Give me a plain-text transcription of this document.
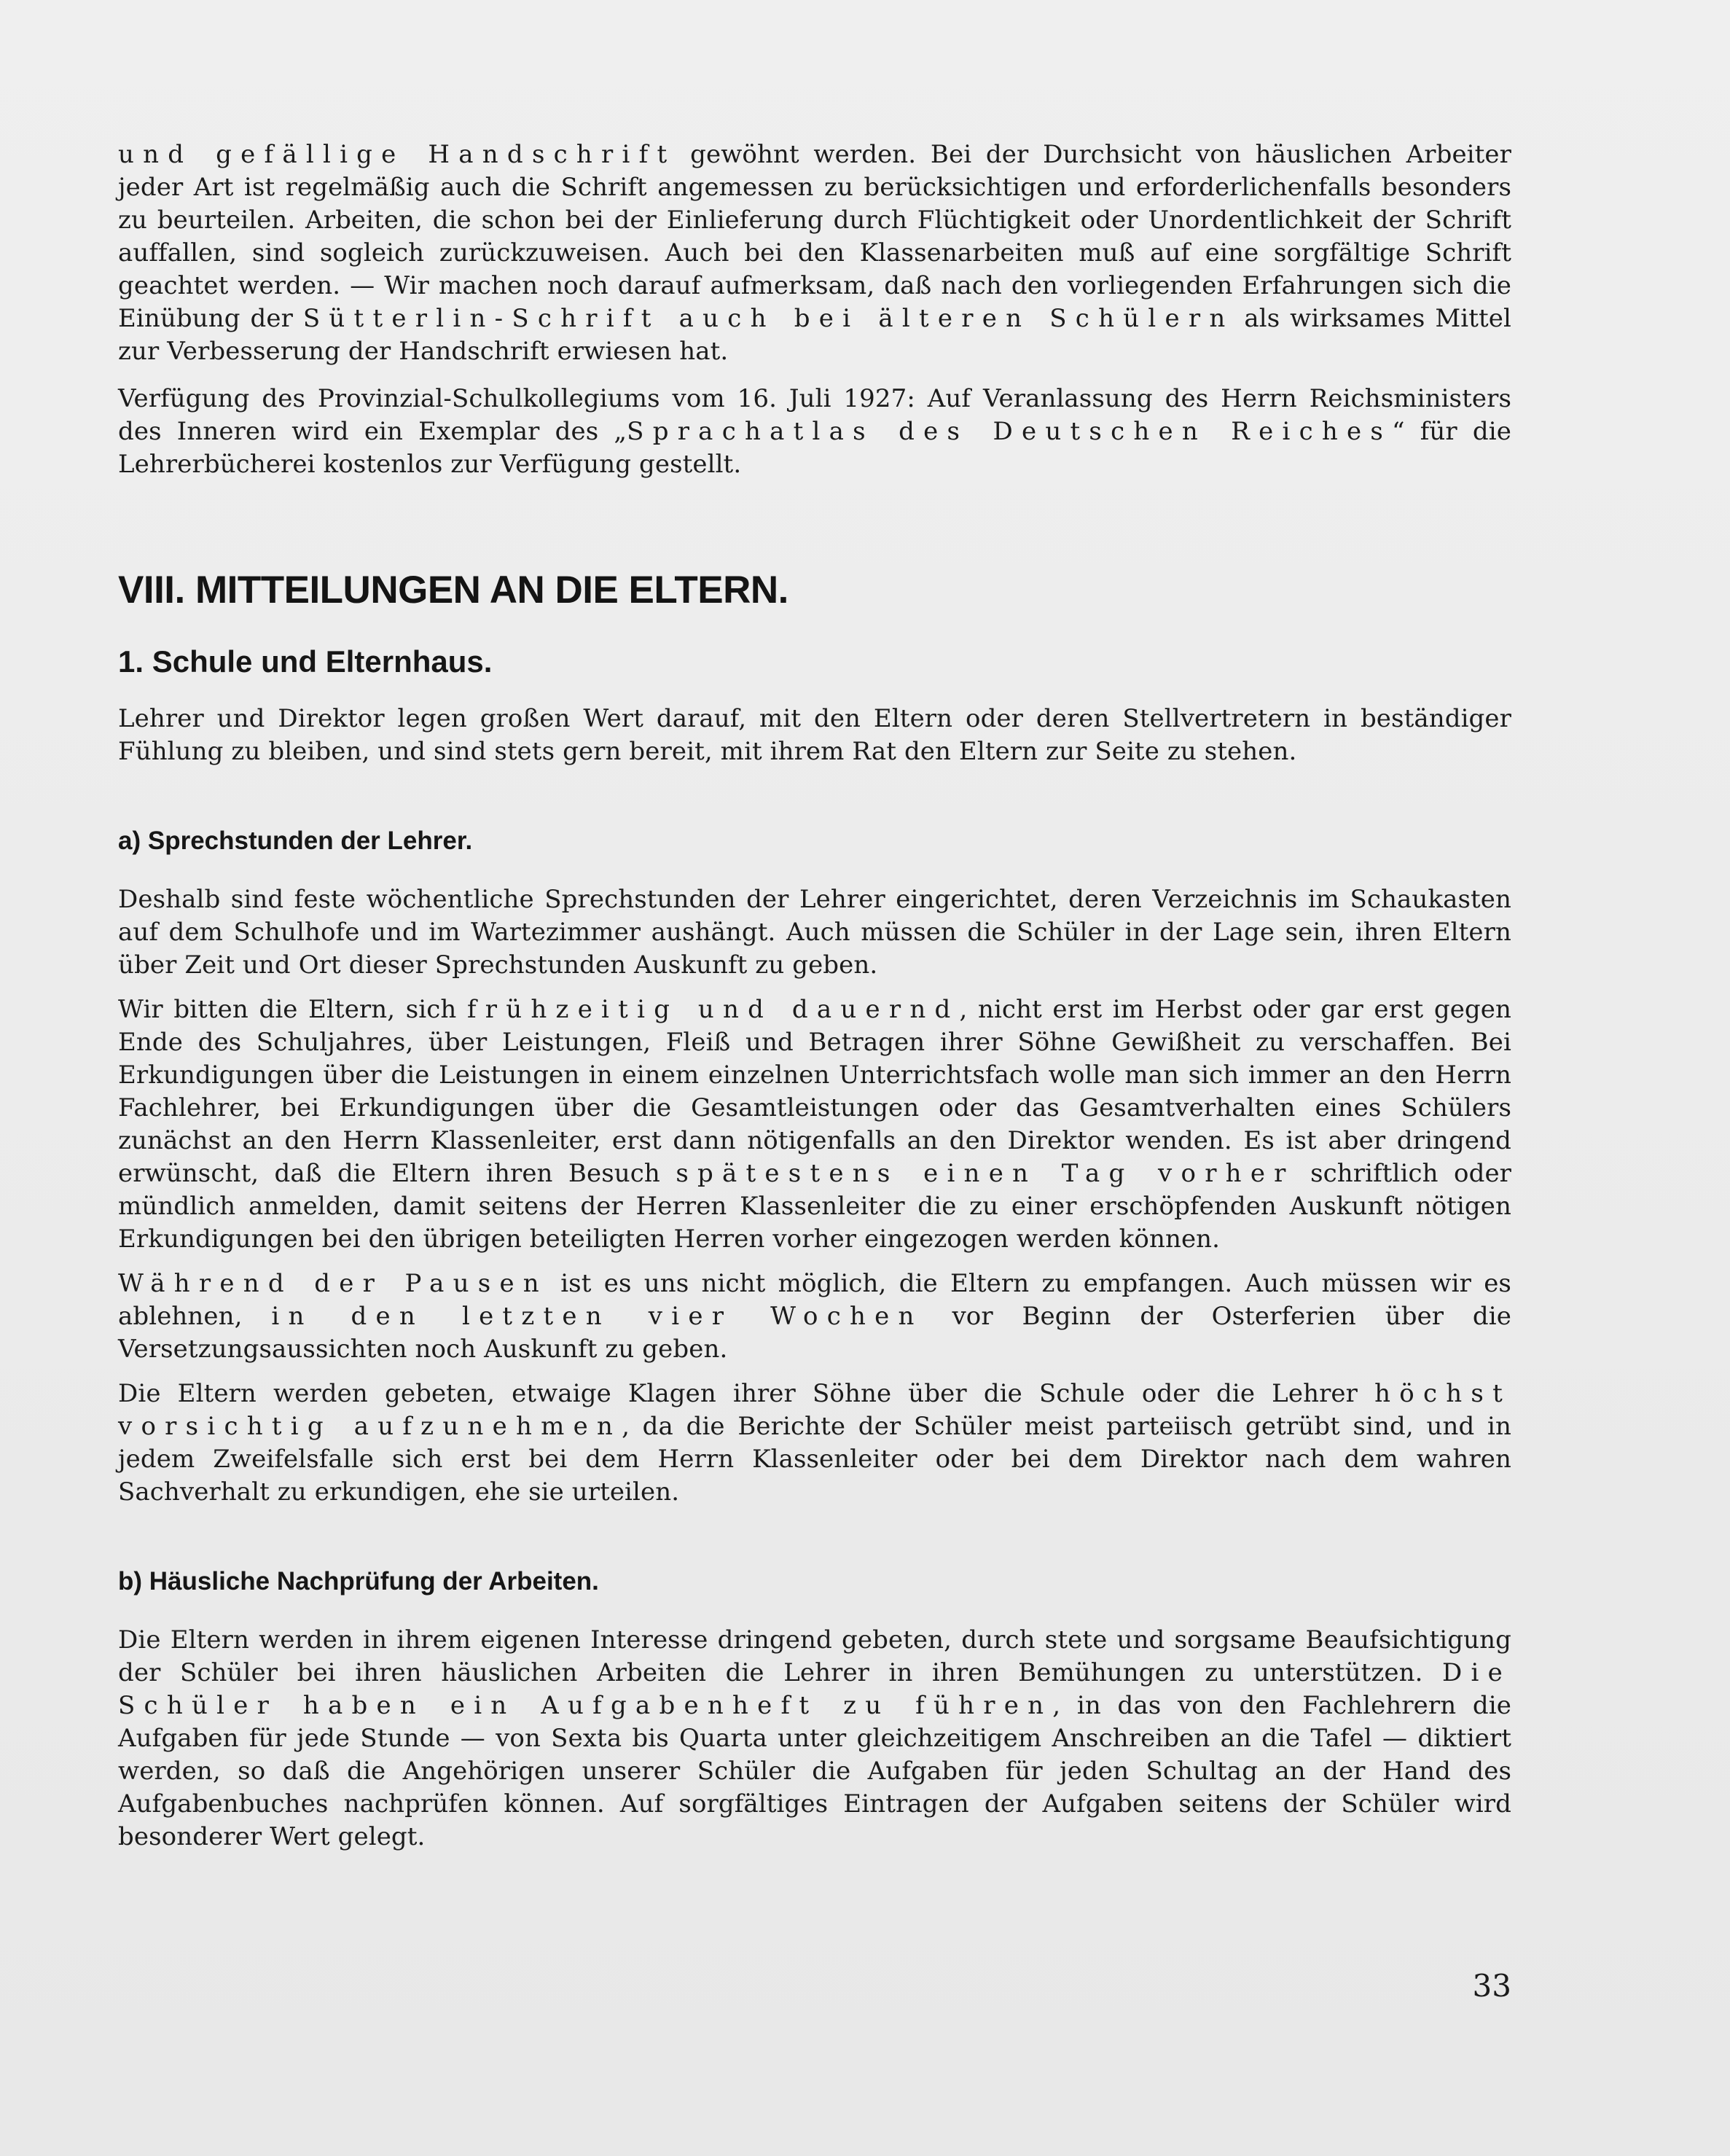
und gefällige Handschrift gewöhnt werden. Bei der Durchsicht von häuslichen Arbeiter jeder Art ist regelmäßig auch die Schrift angemessen zu berücksichtigen und erforderlichenfalls besonders zu beurteilen. Arbeiten, die schon bei der Einlieferung durch Flüchtigkeit oder Unordentlichkeit der Schrift auffallen, sind sogleich zurückzuweisen. Auch bei den Klassenarbeiten muß auf eine sorgfältige Schrift geachtet werden. — Wir machen noch darauf aufmerksam, daß nach den vorliegenden Erfahrungen sich die Einübung der Sütterlin-Schrift auch bei älteren Schülern als wirksames Mittel zur Verbesserung der Handschrift erwiesen hat.

Verfügung des Provinzial-Schulkollegiums vom 16. Juli 1927: Auf Veranlassung des Herrn Reichsministers des Inneren wird ein Exemplar des „Sprachatlas des Deutschen Reiches“ für die Lehrerbücherei kostenlos zur Verfügung gestellt.

VIII. MITTEILUNGEN AN DIE ELTERN.
1. Schule und Elternhaus.

Lehrer und Direktor legen großen Wert darauf, mit den Eltern oder deren Stellvertretern in beständiger Fühlung zu bleiben, und sind stets gern bereit, mit ihrem Rat den Eltern zur Seite zu stehen.

a) Sprechstunden der Lehrer.

Deshalb sind feste wöchentliche Sprechstunden der Lehrer eingerichtet, deren Verzeichnis im Schaukasten auf dem Schulhofe und im Wartezimmer aushängt. Auch müssen die Schüler in der Lage sein, ihren Eltern über Zeit und Ort dieser Sprechstunden Auskunft zu geben.

Wir bitten die Eltern, sich frühzeitig und dauernd, nicht erst im Herbst oder gar erst gegen Ende des Schuljahres, über Leistungen, Fleiß und Betragen ihrer Söhne Gewißheit zu verschaffen. Bei Erkundigungen über die Leistungen in einem einzelnen Unterrichtsfach wolle man sich immer an den Herrn Fachlehrer, bei Erkundigungen über die Gesamtleistungen oder das Gesamtverhalten eines Schülers zunächst an den Herrn Klassenleiter, erst dann nötigenfalls an den Direktor wenden. Es ist aber dringend erwünscht, daß die Eltern ihren Besuch spätestens einen Tag vorher schriftlich oder mündlich anmelden, damit seitens der Herren Klassenleiter die zu einer erschöpfenden Auskunft nötigen Erkundigungen bei den übrigen beteiligten Herren vorher eingezogen werden können.

Während der Pausen ist es uns nicht möglich, die Eltern zu empfangen. Auch müssen wir es ablehnen, in den letzten vier Wochen vor Beginn der Osterferien über die Versetzungsaussichten noch Auskunft zu geben.

Die Eltern werden gebeten, etwaige Klagen ihrer Söhne über die Schule oder die Lehrer höchst vorsichtig aufzunehmen, da die Berichte der Schüler meist parteiisch getrübt sind, und in jedem Zweifelsfalle sich erst bei dem Herrn Klassenleiter oder bei dem Direktor nach dem wahren Sachverhalt zu erkundigen, ehe sie urteilen.

b) Häusliche Nachprüfung der Arbeiten.

Die Eltern werden in ihrem eigenen Interesse dringend gebeten, durch stete und sorgsame Beaufsichtigung der Schüler bei ihren häuslichen Arbeiten die Lehrer in ihren Bemühungen zu unterstützen. Die Schüler haben ein Aufgabenheft zu führen, in das von den Fachlehrern die Aufgaben für jede Stunde — von Sexta bis Quarta unter gleichzeitigem Anschreiben an die Tafel — diktiert werden, so daß die Angehörigen unserer Schüler die Aufgaben für jeden Schultag an der Hand des Aufgabenbuches nachprüfen können. Auf sorgfältiges Eintragen der Aufgaben seitens der Schüler wird besonderer Wert gelegt.

33
